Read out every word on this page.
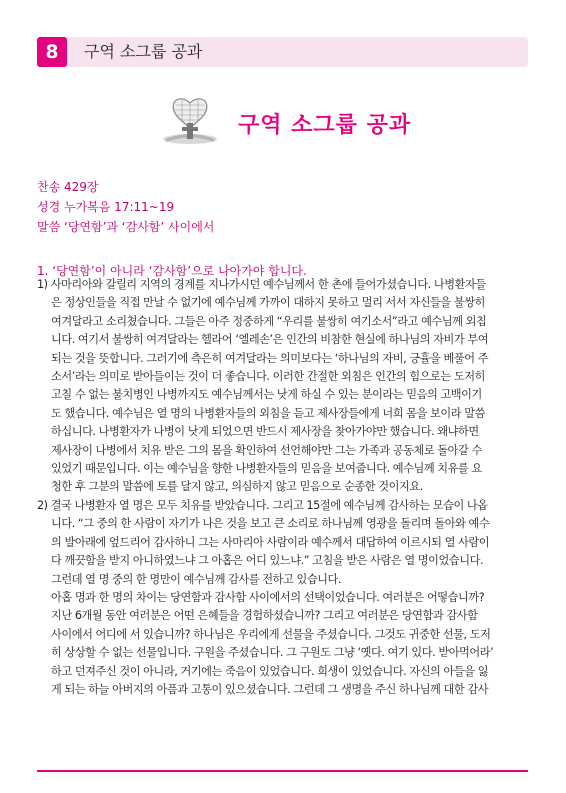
8	구역 소그룹 공과
구역 소그룹 공과
찬송 429장
성경 누가복음 17:11~19
말씀 ‘당연함’과 ‘감사함’ 사이에서
1. ‘당연함’이 아니라 ‘감사함’으로 나아가야 합니다.
1) 사마리아와 갈릴리 지역의 경계를 지나가시던 예수님께서 한 촌에 들어가셨습니다. 나병환자들
은 정상인들을 직접 만날 수 없기에 예수님께 가까이 대하지 못하고 멀리 서서 자신들을 불쌍히
여겨달라고 소리쳤습니다. 그들은 아주 정중하게 “우리를 불쌍히 여기소서”라고 예수님께 외칩
니다. 여기서 불쌍히 여겨달라는 헬라어 ‘엘레손’은 인간의 비참한 현실에 하나님의 자비가 부여
되는 것을 뜻합니다. 그러기에 측은히 여겨달라는 의미보다는 ‘하나님의 자비, 긍휼을 베풀어 주
소서’라는 의미로 받아들이는 것이 더 좋습니다. 이러한 간절한 외침은 인간의 힘으로는 도저히
고칠 수 없는 불치병인 나병까지도 예수님께서는 낫게 하실 수 있는 분이라는 믿음의 고백이기
도 했습니다. 예수님은 열 명의 나병환자들의 외침을 듣고 제사장들에게 너희 몸을 보이라 말씀
하십니다. 나병환자가 나병이 낫게 되었으면 반드시 제사장을 찾아가야만 했습니다. 왜냐하면
제사장이 나병에서 치유 받은 그의 몸을 확인하여 선언해야만 그는 가족과 공동체로 돌아갈 수
있었기 때문입니다. 이는 예수님을 향한 나병환자들의 믿음을 보여줍니다. 예수님께 치유를 요
청한 후 그분의 말씀에 토를 달지 않고, 의심하지 않고 믿음으로 순종한 것이지요.
2) 결국 나병환자 열 명은 모두 치유를 받았습니다. 그리고 15절에 예수님께 감사하는 모습이 나옵
니다. “그 중의 한 사람이 자기가 나은 것을 보고 큰 소리로 하나님께 영광을 돌리며 돌아와 예수
의 발아래에 엎드리어 감사하니 그는 사마리아 사람이라 예수께서 대답하여 이르시되 열 사람이
다 깨끗함을 받지 아니하였느냐 그 아홉은 어디 있느냐.” 고침을 받은 사람은 열 명이었습니다.
그런데 열 명 중의 한 명만이 예수님께 감사를 전하고 있습니다.
아홉 명과 한 명의 차이는 당연함과 감사함 사이에서의 선택이었습니다. 여러분은 어떻습니까?
지난 6개월 동안 여러분은 어떤 은혜들을 경험하셨습니까? 그리고 여러분은 당연함과 감사함
사이에서 어디에 서 있습니까? 하나님은 우리에게 선물을 주셨습니다. 그것도 귀중한 선물, 도저
히 상상할 수 없는 선물입니다. 구원을 주셨습니다. 그 구원도 그냥 ‘옛다. 여기 있다. 받아먹어라’
하고 던져주신 것이 아니라, 거기에는 죽음이 있었습니다. 희생이 있었습니다. 자신의 아들을 잃
게 되는 하늘 아버지의 아픔과 고통이 있으셨습니다. 그런데 그 생명을 주신 하나님께 대한 감사
